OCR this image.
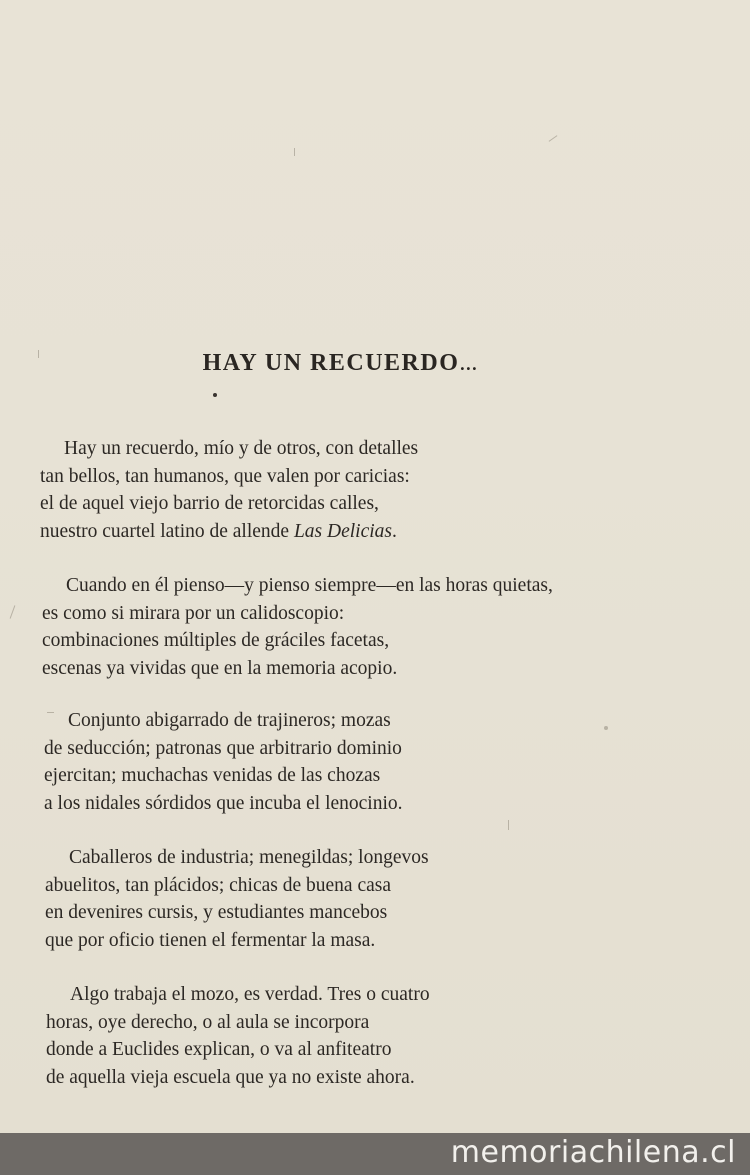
HAY UN RECUERDO...
Hay un recuerdo, mío y de otros, con detalles
tan bellos, tan humanos, que valen por caricias:
el de aquel viejo barrio de retorcidas calles,
nuestro cuartel latino de allende Las Delicias.
Cuando en él pienso—y pienso siempre—en las horas quietas,
es como si mirara por un calidoscopio:
combinaciones múltiples de gráciles facetas,
escenas ya vividas que en la memoria acopio.
Conjunto abigarrado de trajineros; mozas
de seducción; patronas que arbitrario dominio
ejercitan; muchachas venidas de las chozas
a los nidales sórdidos que incuba el lenocinio.
Caballeros de industria; menegildas; longevos
abuelitos, tan plácidos; chicas de buena casa
en devenires cursis, y estudiantes mancebos
que por oficio tienen el fermentar la masa.
Algo trabaja el mozo, es verdad. Tres o cuatro
horas, oye derecho, o al aula se incorpora
donde a Euclides explican, o va al anfiteatro
de aquella vieja escuela que ya no existe ahora.
memoriachilena.cl
